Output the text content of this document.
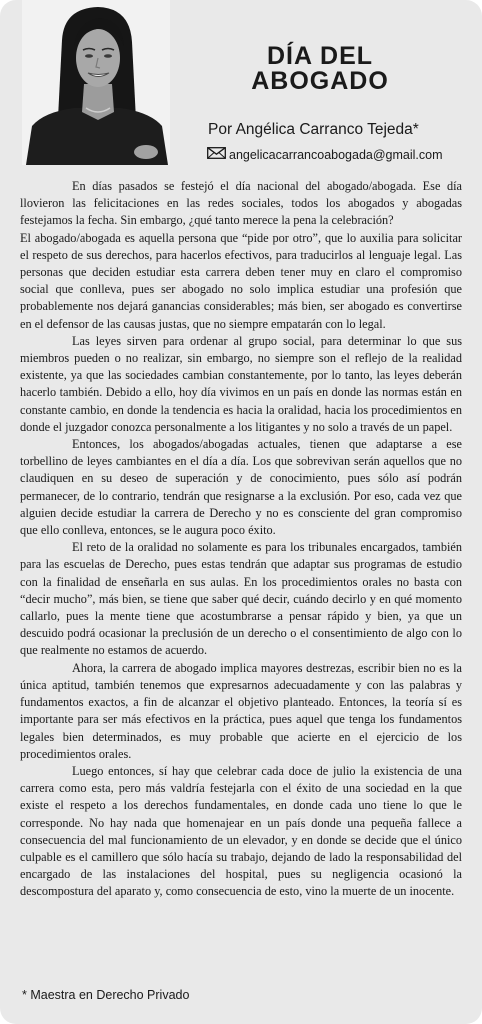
DÍA DEL ABOGADO
Por Angélica Carranco Tejeda*
angelicacarrancoabogada@gmail.com

En días pasados se festejó el día nacional del abogado/abogada. Ese día llovieron las felicitaciones en las redes sociales, todos los abogados y abogadas festejamos la fecha. Sin embargo, ¿qué tanto merece la pena la celebración?

El abogado/abogada es aquella persona que “pide por otro”, que lo auxilia para solicitar el respeto de sus derechos, para hacerlos efectivos, para traducirlos al lenguaje legal. Las personas que deciden estudiar esta carrera deben tener muy en claro el compromiso social que conlleva, pues ser abogado no solo implica estudiar una profesión que probablemente nos dejará ganancias considerables; más bien, ser abogado es convertirse en el defensor de las causas justas, que no siempre empatarán con lo legal.

Las leyes sirven para ordenar al grupo social, para determinar lo que sus miembros pueden o no realizar, sin embargo, no siempre son el reflejo de la realidad existente, ya que las sociedades cambian constantemente, por lo tanto, las leyes deberán hacerlo también. Debido a ello, hoy día vivimos en un país en donde las normas están en constante cambio, en donde la tendencia es hacia la oralidad, hacia los procedimientos en donde el juzgador conozca personalmente a los litigantes y no solo a través de un papel.

Entonces, los abogados/abogadas actuales, tienen que adaptarse a ese torbellino de leyes cambiantes en el día a día. Los que sobrevivan serán aquellos que no claudiquen en su deseo de superación y de conocimiento, pues sólo así podrán permanecer, de lo contrario, tendrán que resignarse a la exclusión. Por eso, cada vez que alguien decide estudiar la carrera de Derecho y no es consciente del gran compromiso que ello conlleva, entonces, se le augura poco éxito.

El reto de la oralidad no solamente es para los tribunales encargados, también para las escuelas de Derecho, pues estas tendrán que adaptar sus programas de estudio con la finalidad de enseñarla en sus aulas. En los procedimientos orales no basta con “decir mucho”, más bien, se tiene que saber qué decir, cuándo decirlo y en qué momento callarlo, pues la mente tiene que acostumbrarse a pensar rápido y bien, ya que un descuido podrá ocasionar la preclusión de un derecho o el consentimiento de algo con lo que realmente no estamos de acuerdo.

Ahora, la carrera de abogado implica mayores destrezas, escribir bien no es la única aptitud, también tenemos que expresarnos adecuadamente y con las palabras y fundamentos exactos, a fin de alcanzar el objetivo planteado. Entonces, la teoría sí es importante para ser más efectivos en la práctica, pues aquel que tenga los fundamentos legales bien determinados, es muy probable que acierte en el ejercicio de los procedimientos orales.

Luego entonces, sí hay que celebrar cada doce de julio la existencia de una carrera como esta, pero más valdría festejarla con el éxito de una sociedad en la que existe el respeto a los derechos fundamentales, en donde cada uno tiene lo que le corresponde. No hay nada que homenajear en un país donde una pequeña fallece a consecuencia del mal funcionamiento de un elevador, y en donde se decide que el único culpable es el camillero que sólo hacía su trabajo, dejando de lado la responsabilidad del encargado de las instalaciones del hospital, pues su negligencia ocasionó la descompostura del aparato y, como consecuencia de esto, vino la muerte de un inocente.

* Maestra en Derecho Privado
